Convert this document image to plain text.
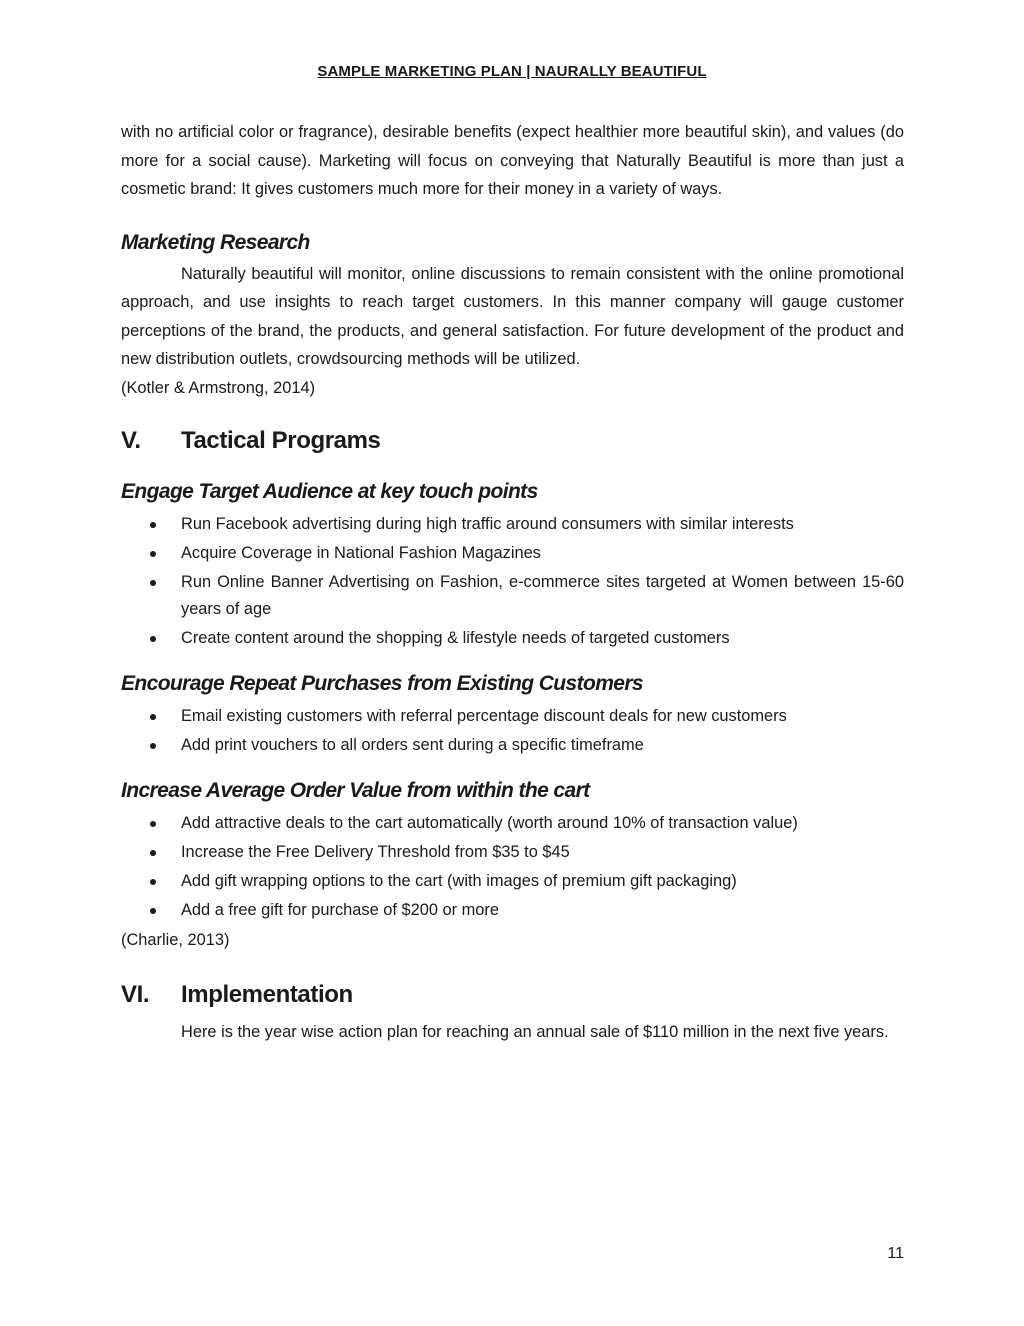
SAMPLE MARKETING PLAN | NAURALLY BEAUTIFUL

with no artificial color or fragrance), desirable benefits (expect healthier more beautiful skin), and values (do more for a social cause). Marketing will focus on conveying that Naturally Beautiful is more than just a cosmetic brand: It gives customers much more for their money in a variety of ways.

Marketing Research

Naturally beautiful will monitor, online discussions to remain consistent with the online promotional approach, and use insights to reach target customers. In this manner company will gauge customer perceptions of the brand, the products, and general satisfaction. For future development of the product and new distribution outlets, crowdsourcing methods will be utilized.

(Kotler & Armstrong, 2014)

V.	Tactical Programs
Engage Target Audience at key touch points
Run Facebook advertising during high traffic around consumers with similar interests
Acquire Coverage in National Fashion Magazines
Run Online Banner Advertising on Fashion, e-commerce sites targeted at Women between 15-60 years of age
Create content around the shopping & lifestyle needs of targeted customers
Encourage Repeat Purchases from Existing Customers
Email existing customers with referral percentage discount deals for new customers
Add print vouchers to all orders sent during a specific timeframe
Increase Average Order Value from within the cart
Add attractive deals to the cart automatically (worth around 10% of transaction value)
Increase the Free Delivery Threshold from $35 to $45
Add gift wrapping options to the cart (with images of premium gift packaging)
Add a free gift for purchase of $200 or more

(Charlie, 2013)

VI.	Implementation

Here is the year wise action plan for reaching an annual sale of $110 million in the next five years.

11
